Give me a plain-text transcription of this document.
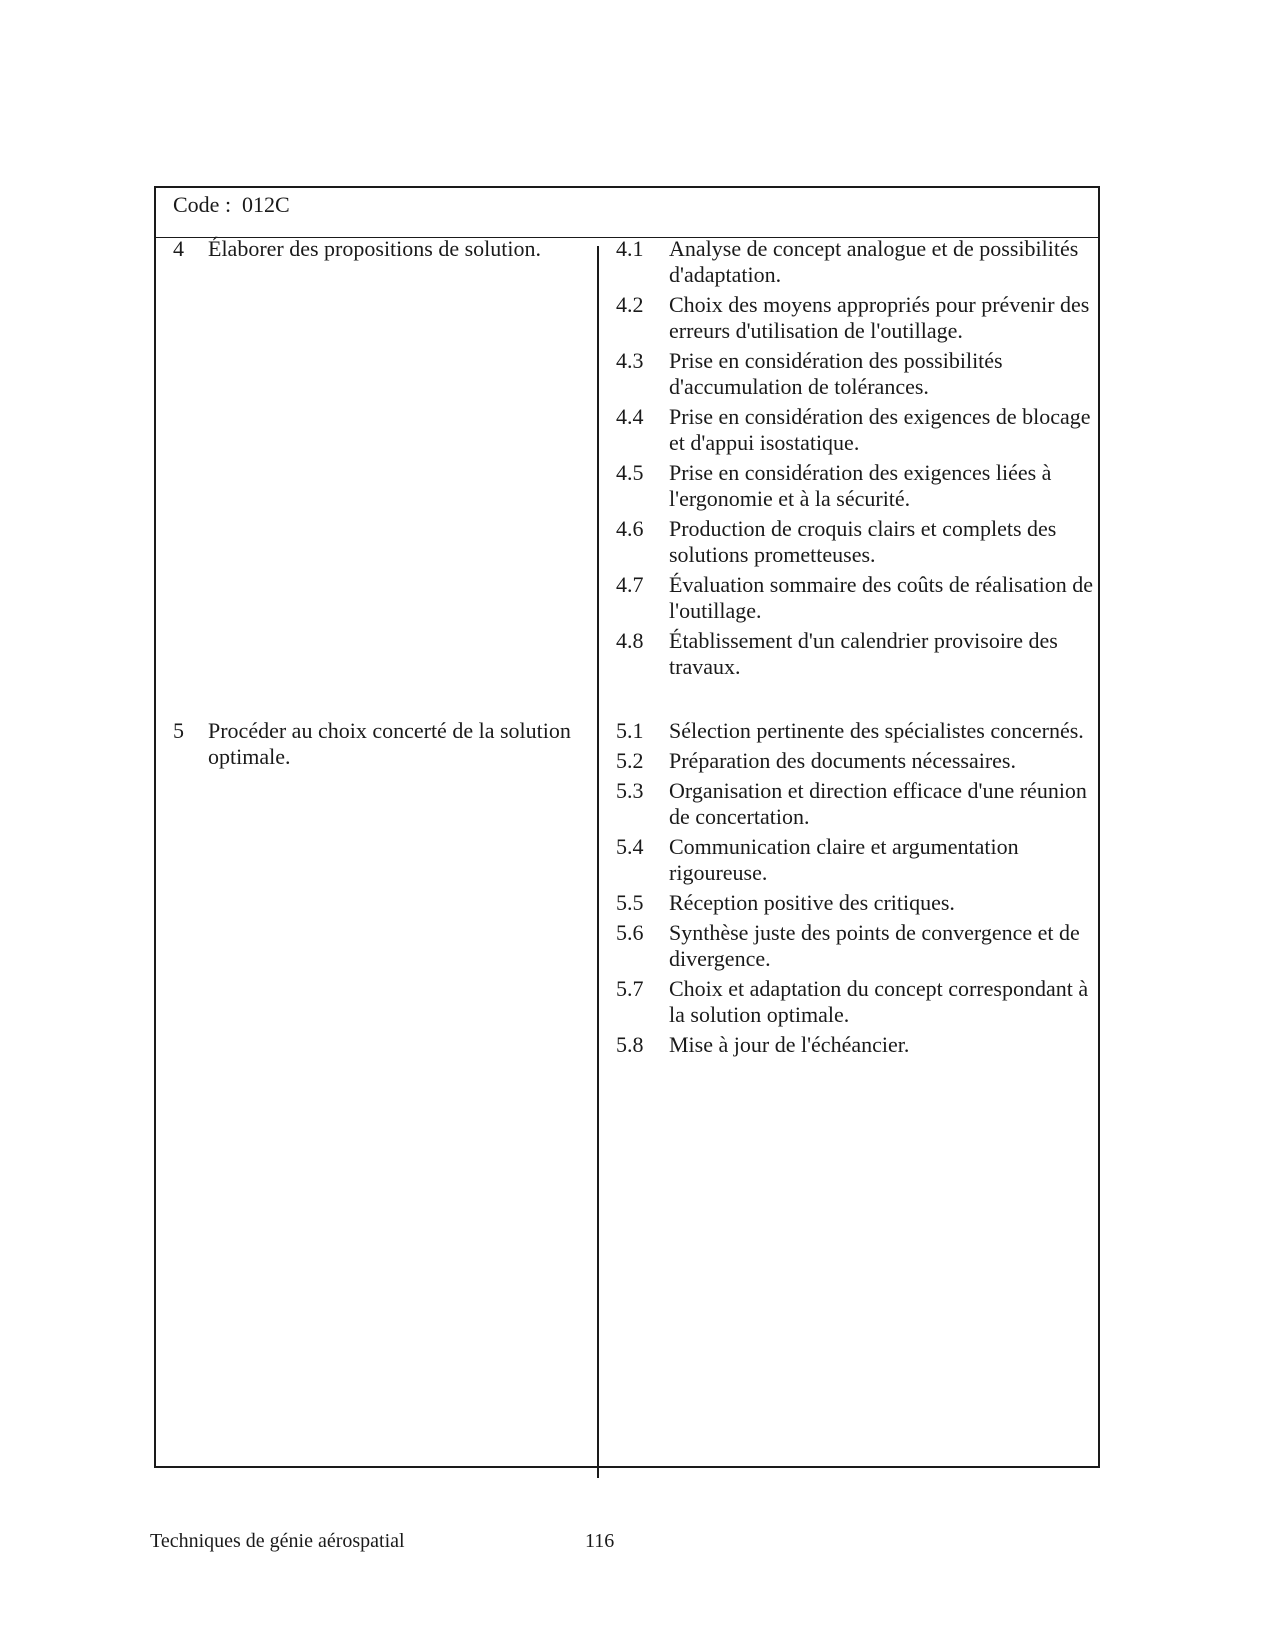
Code :  012C
4 Élaborer des propositions de solution.	4.1	Analyse de concept analogue et de possibilités d'adaptation.
4.2	Choix des moyens appropriés pour prévenir des erreurs d'utilisation de l'outillage.
4.3	Prise en considération des possibilités d'accumulation de tolérances.
4.4	Prise en considération des exigences de blocage et d'appui isostatique.
4.5	Prise en considération des exigences liées à l'ergonomie et à la sécurité.
4.6	Production de croquis clairs et complets des solutions prometteuses.
4.7	Évaluation sommaire des coûts de réalisation de l'outillage.
4.8	Établissement d'un calendrier provisoire des travaux.
5 Procéder au choix concerté de la solution optimale.
5.1	Sélection pertinente des spécialistes concernés.
5.2	Préparation des documents nécessaires.
5.3	Organisation et direction efficace d'une réunion de concertation.
5.4	Communication claire et argumentation rigoureuse.
5.5	Réception positive des critiques.
5.6	Synthèse juste des points de convergence et de divergence.
5.7	Choix et adaptation du concept correspondant à la solution optimale.
5.8	Mise à jour de l'échéancier.
Techniques de génie aérospatial	116
